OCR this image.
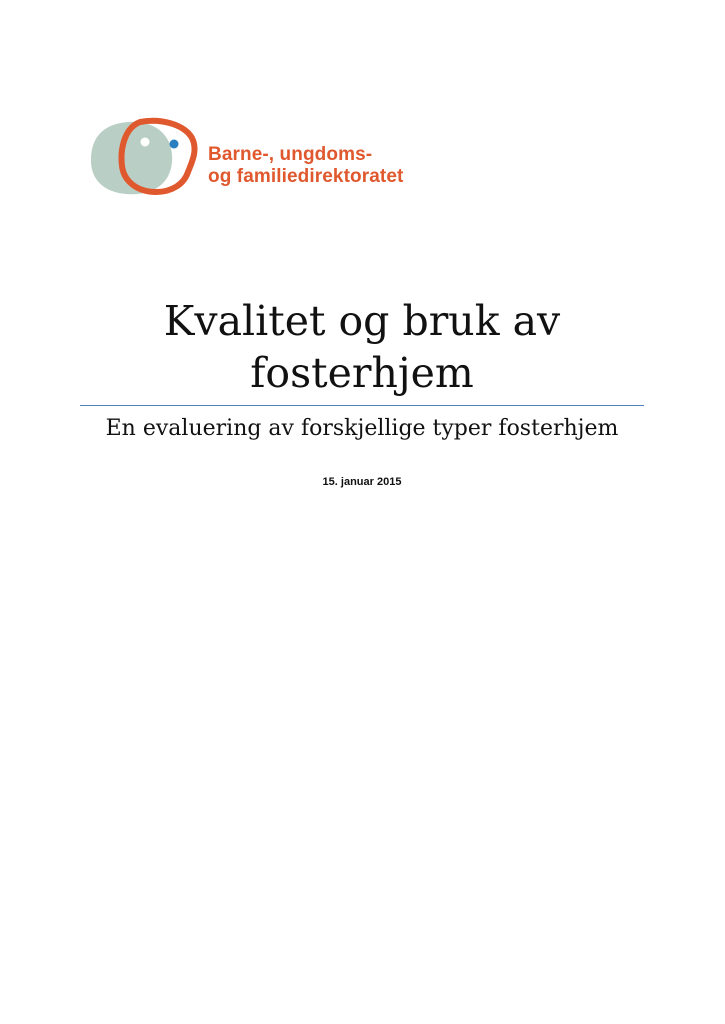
Barne-, ungdoms-
og familiedirektoratet
Kvalitet og bruk av
fosterhjem
En evaluering av forskjellige typer fosterhjem
15. januar 2015
